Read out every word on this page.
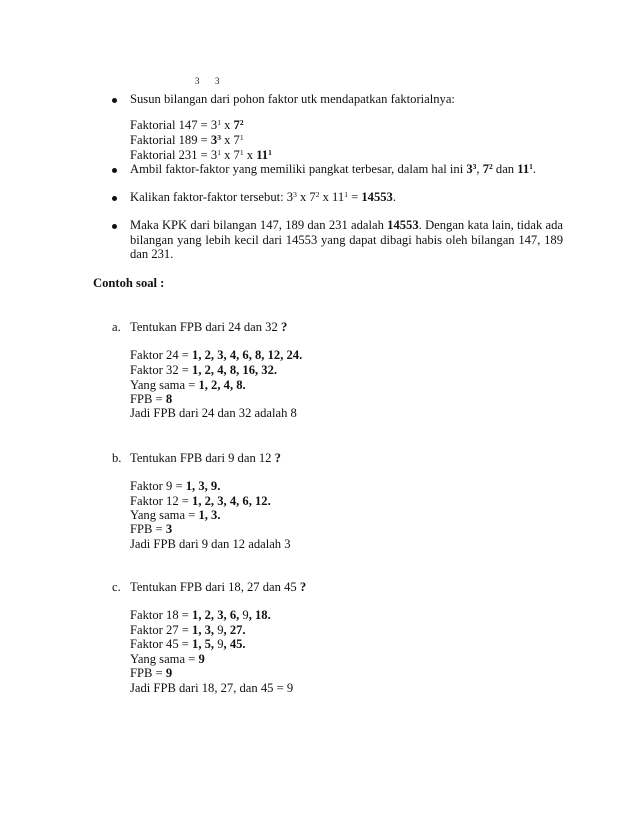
3 3
Susun bilangan dari pohon faktor utk mendapatkan faktorialnya:
Faktorial $147 = 3^1$ x $7^2$
Faktorial $189 = 3^3$ x $7^1$
Faktorial $231 = 3^1$ x $7^1$ x $11^1$
Ambil faktor-faktor yang memiliki pangkat terbesar, dalam hal ini $3^3$, $7^2$ dan $11^1$.
Kalikan faktor-faktor tersebut: $3^3$ x $7^2$ x $11^1 = 14553$.
Maka KPK dari bilangan 147, 189 dan 231 adalah 14553. Dengan kata lain, tidak ada bilangan yang lebih kecil dari 14553 yang dapat dibagi habis oleh bilangan 147, 189 dan 231.
Contoh soal :
a. Tentukan FPB dari 24 dan 32 ?
Faktor 24 = 1, 2, 3, 4, 6, 8, 12, 24.
Faktor 32 = 1, 2, 4, 8, 16, 32.
Yang sama = 1, 2, 4, 8.
FPB = 8
Jadi FPB dari 24 dan 32 adalah 8
b. Tentukan FPB dari 9 dan 12 ?
Faktor 9 = 1, 3, 9.
Faktor 12 = 1, 2, 3, 4, 6, 12.
Yang sama = 1, 3.
FPB = 3
Jadi FPB dari 9 dan 12 adalah 3
c. Tentukan FPB dari 18, 27 dan 45 ?
Faktor 18 = 1, 2, 3, 6, 9, 18.
Faktor 27 = 1, 3, 9, 27.
Faktor 45 = 1, 5, 9, 45.
Yang sama = 9
FPB = 9
Jadi FPB dari 18, 27, dan 45 = 9
